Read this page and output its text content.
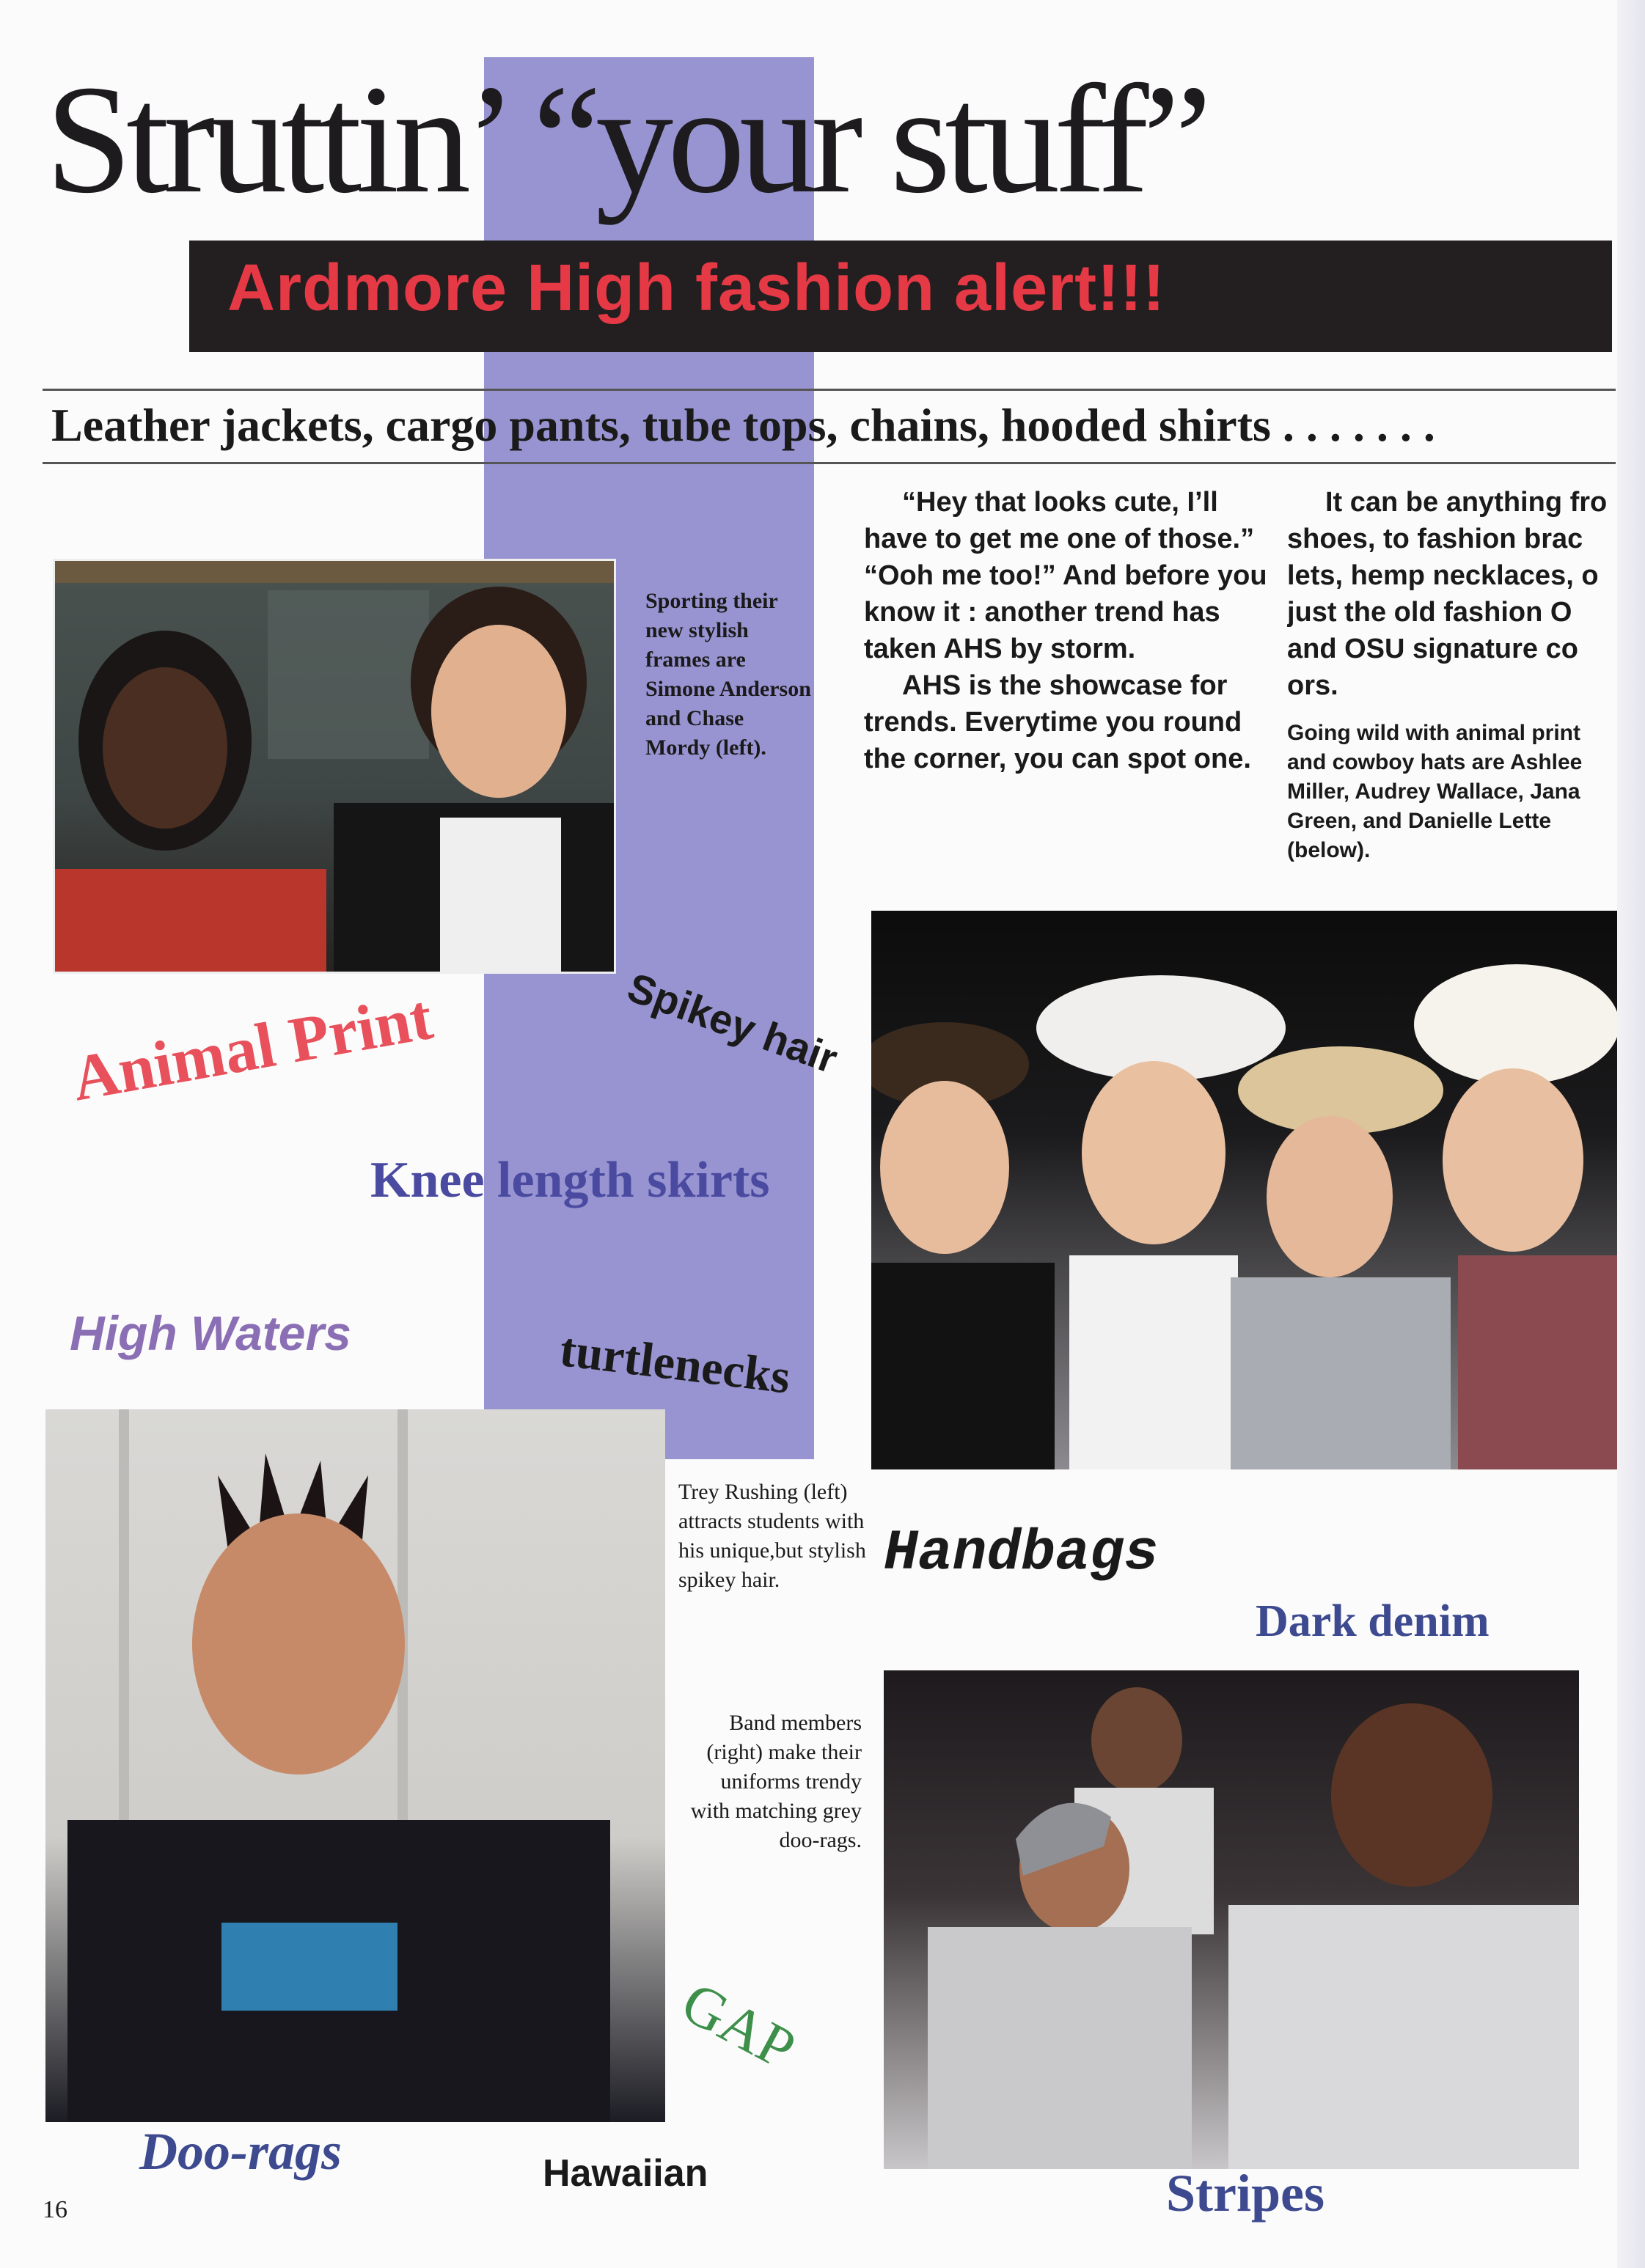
Struttin’ “your stuff”
Ardmore High fashion alert!!!
Leather jackets, cargo pants, tube tops, chains, hooded shirts . . . . . . .

“Hey that looks cute, I’ll have to get me one of those.” “Ooh me too!” And before you know it : another trend has taken AHS by storm.

AHS is the showcase for trends. Everytime you round the corner, you can spot one.

It can be anything fro
shoes, to fashion brac
lets, hemp necklaces, o
just the old fashion O
and OSU signature co
ors.
Going wild with animal print and cowboy hats are Ashlee Miller, Audrey Wallace, Jana Green, and Danielle Lette (below).
Sporting their new stylish frames are Simone Anderson and Chase Mordy (left).
Trey Rushing (left) attracts students with his unique,but stylish spikey hair.
Band members (right) make their uniforms trendy with matching grey doo-rags.
Spikey hair
Animal Print
Knee length skirts
High Waters	turtlenecks
Handbags
Dark denim
GAP
Doo-rags	Hawaiian	Stripes
16
